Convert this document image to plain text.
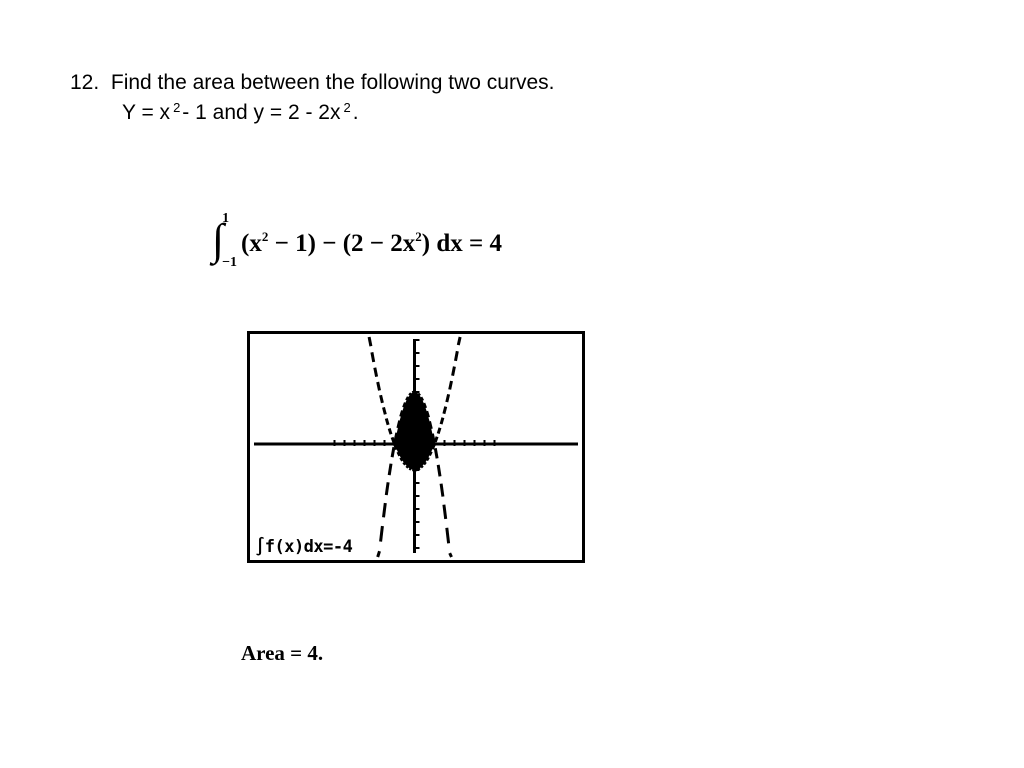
12. Find the area between the following two curves.
Y = x $^2$- 1 and y = 2 - 2x $^2$.
∫
1
−1
$(x^2 - 1) - (2 - 2x^2)$ dx = 4
∫f(x)dx=-4
Area = 4.
